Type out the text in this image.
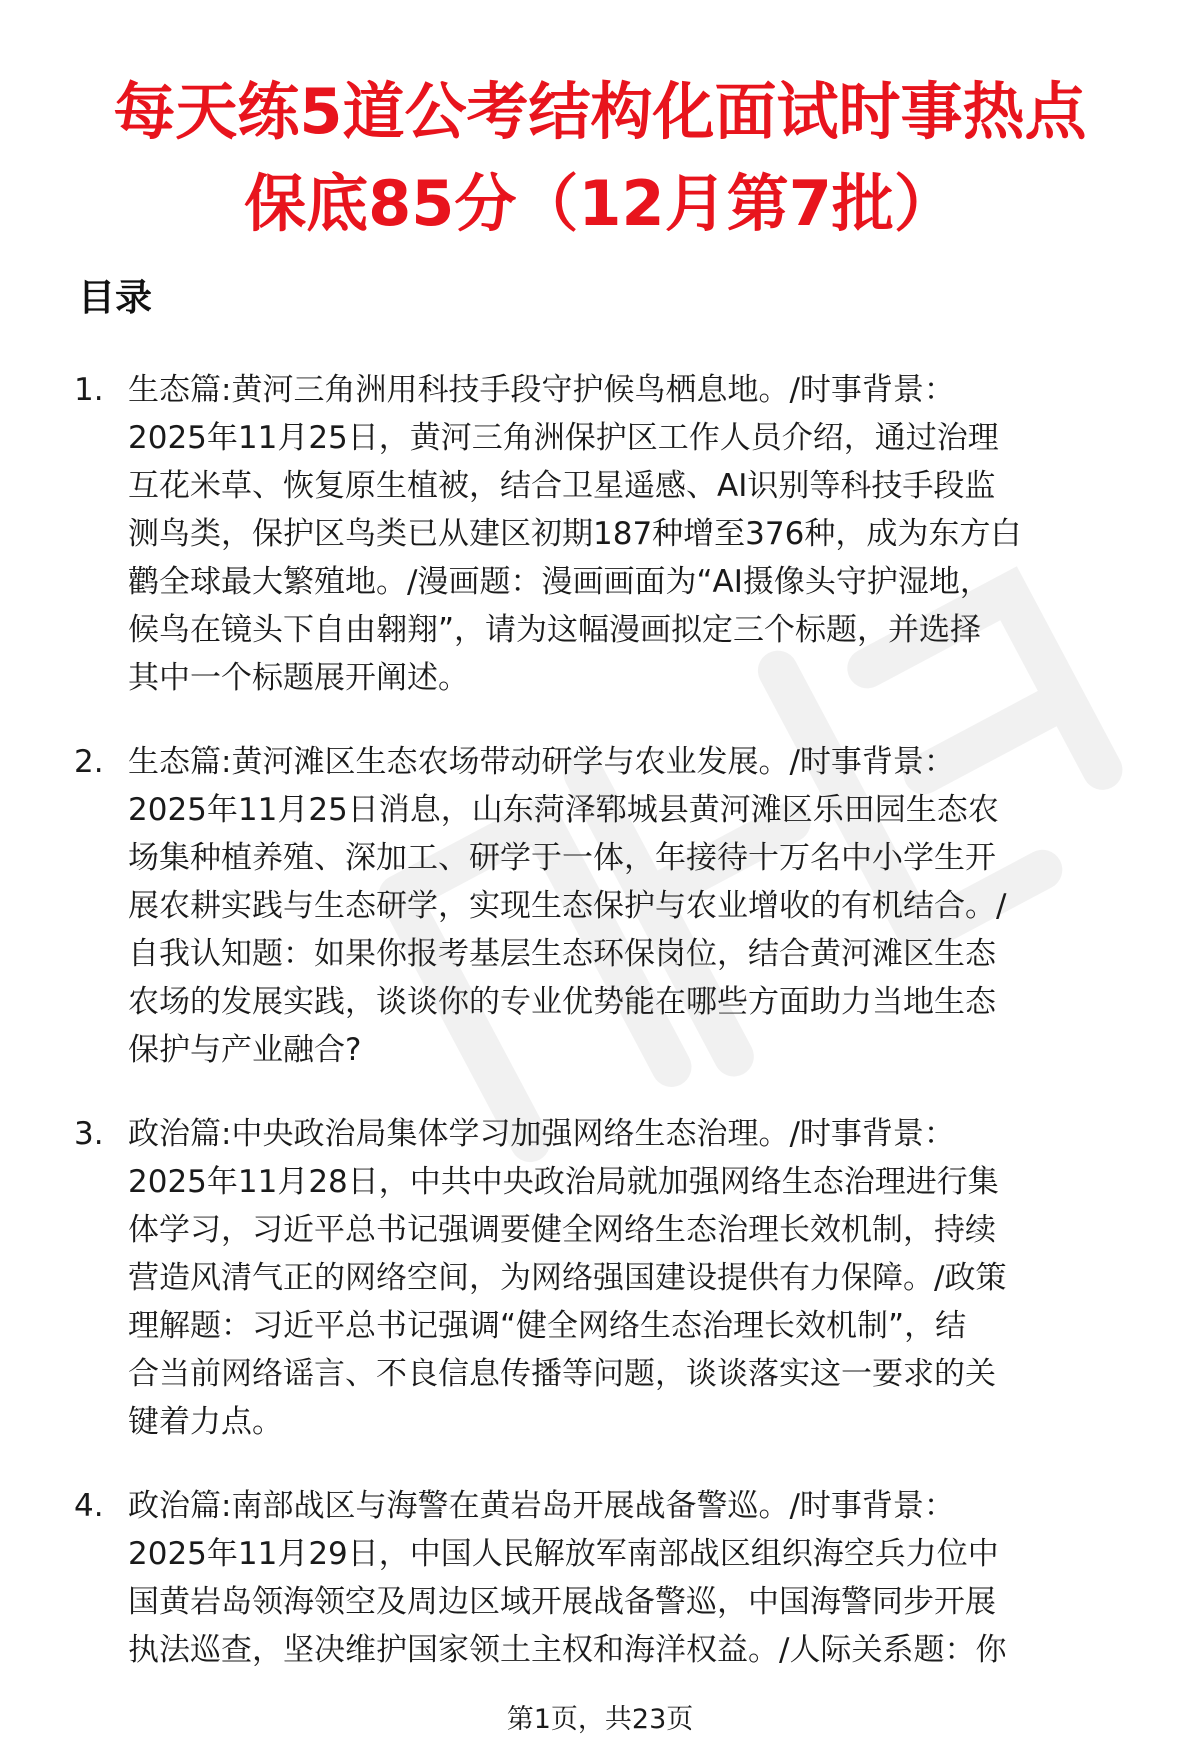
每天练5道公考结构化面试时事热点
保底85分（12月第7批）
目录
1. 生态篇:黄河三角洲用科技手段守护候鸟栖息地。/时事背景：
2025年11月25日，黄河三角洲保护区工作人员介绍，通过治理
互花米草、恢复原生植被，结合卫星遥感、AI识别等科技手段监
测鸟类，保护区鸟类已从建区初期187种增至376种，成为东方白
鹳全球最大繁殖地。/漫画题：漫画画面为“AI摄像头守护湿地，
候鸟在镜头下自由翱翔”，请为这幅漫画拟定三个标题，并选择
其中一个标题展开阐述。
2. 生态篇:黄河滩区生态农场带动研学与农业发展。/时事背景：
2025年11月25日消息，山东菏泽郓城县黄河滩区乐田园生态农
场集种植养殖、深加工、研学于一体，年接待十万名中小学生开
展农耕实践与生态研学，实现生态保护与农业增收的有机结合。/
自我认知题：如果你报考基层生态环保岗位，结合黄河滩区生态
农场的发展实践，谈谈你的专业优势能在哪些方面助力当地生态
保护与产业融合?
3. 政治篇:中央政治局集体学习加强网络生态治理。/时事背景：
2025年11月28日，中共中央政治局就加强网络生态治理进行集
体学习，习近平总书记强调要健全网络生态治理长效机制，持续
营造风清气正的网络空间，为网络强国建设提供有力保障。/政策
理解题：习近平总书记强调“健全网络生态治理长效机制”，结
合当前网络谣言、不良信息传播等问题，谈谈落实这一要求的关
键着力点。
4. 政治篇:南部战区与海警在黄岩岛开展战备警巡。/时事背景：
2025年11月29日，中国人民解放军南部战区组织海空兵力位中
国黄岩岛领海领空及周边区域开展战备警巡，中国海警同步开展
执法巡查，坚决维护国家领土主权和海洋权益。/人际关系题：你
第1页，共23页
